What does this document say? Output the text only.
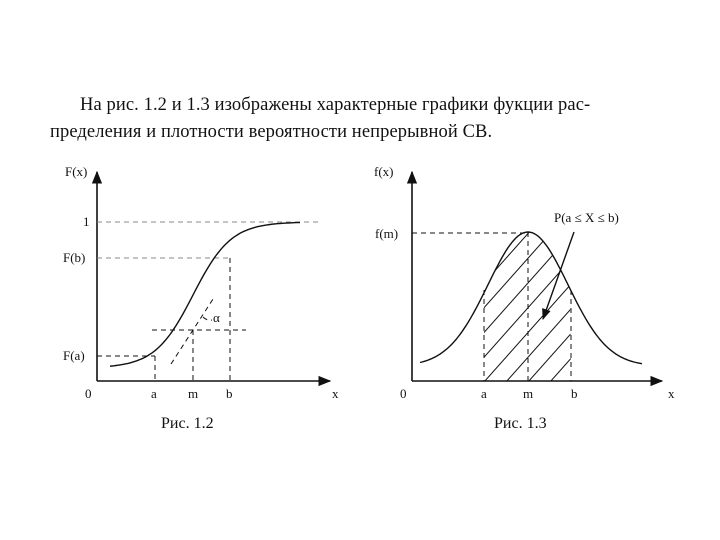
На рис. 1.2 и 1.3 изображены характерные графики фукции рас-
пределения и плотности вероятности непрерывной СВ.

F(x)
1
F(b)
F(a)
0	a m b	x
α
Рис. 1.2
f(x)
f(m)
0	a	m	b	x
P(a ≤ X ≤ b)
Рис. 1.3
